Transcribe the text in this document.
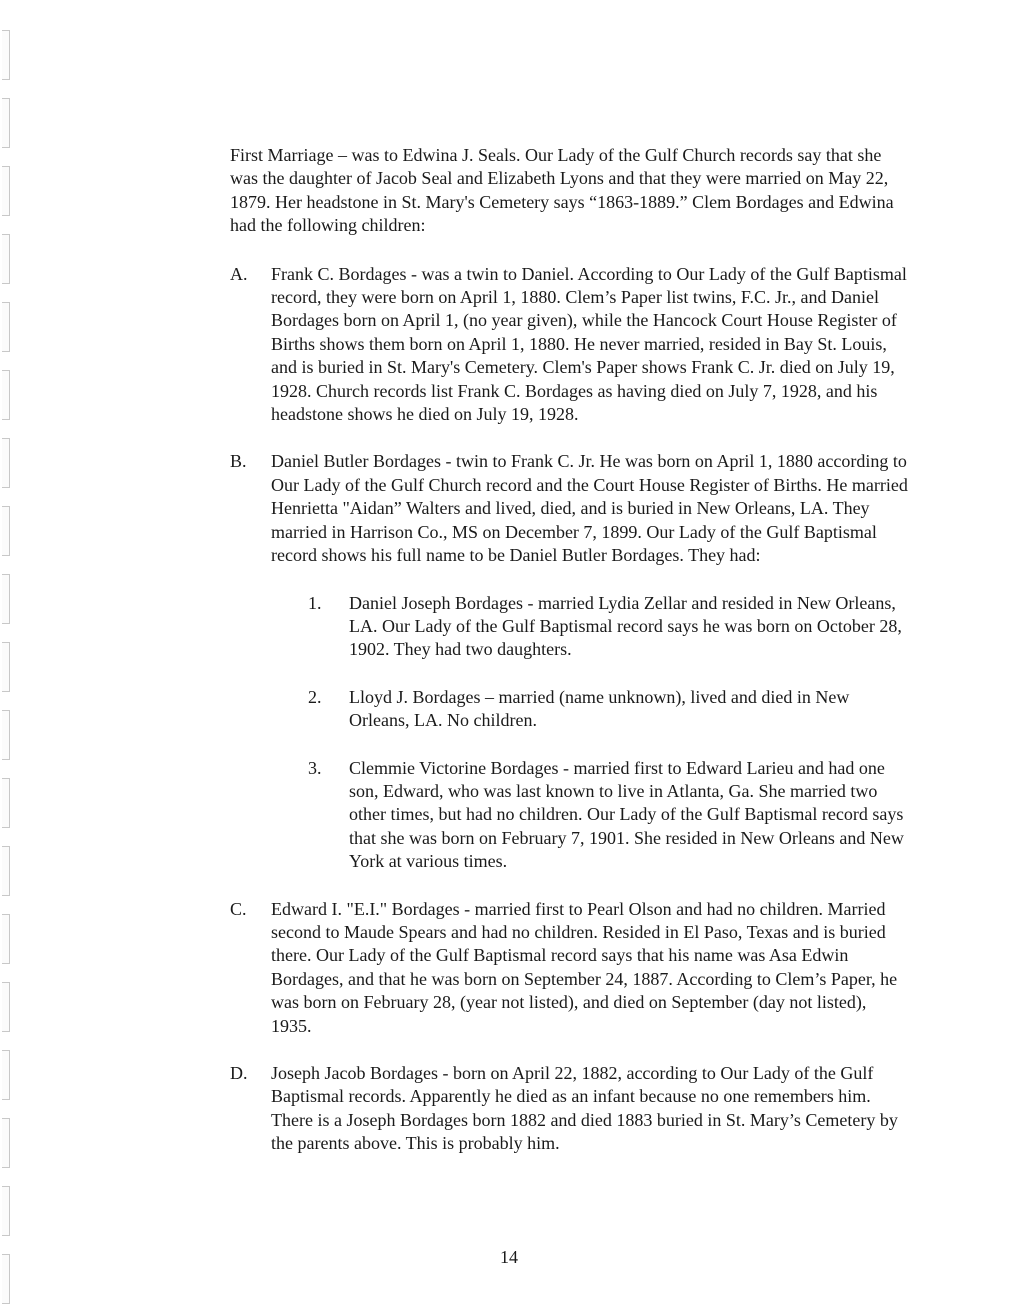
First Marriage – was to Edwina J. Seals. Our Lady of the Gulf Church records say that she was the daughter of Jacob Seal and Elizabeth Lyons and that they were married on May 22, 1879. Her headstone in St. Mary's Cemetery says “1863-1889.” Clem Bordages and Edwina had the following children:

A. Frank C. Bordages - was a twin to Daniel. According to Our Lady of the Gulf Baptismal record, they were born on April 1, 1880. Clem’s Paper list twins, F.C. Jr., and Daniel Bordages born on April 1, (no year given), while the Hancock Court House Register of Births shows them born on April 1, 1880. He never married, resided in Bay St. Louis, and is buried in St. Mary's Cemetery. Clem's Paper shows Frank C. Jr. died on July 19, 1928. Church records list Frank C. Bordages as having died on July 7, 1928, and his headstone shows he died on July 19, 1928.

B. Daniel Butler Bordages - twin to Frank C. Jr. He was born on April 1, 1880 according to Our Lady of the Gulf Church record and the Court House Register of Births. He married Henrietta "Aidan” Walters and lived, died, and is buried in New Orleans, LA. They married in Harrison Co., MS on December 7, 1899. Our Lady of the Gulf Baptismal record shows his full name to be Daniel Butler Bordages. They had:

1. Daniel Joseph Bordages - married Lydia Zellar and resided in New Orleans, LA. Our Lady of the Gulf Baptismal record says he was born on October 28, 1902. They had two daughters.

2. Lloyd J. Bordages – married (name unknown), lived and died in New Orleans, LA. No children.

3. Clemmie Victorine Bordages - married first to Edward Larieu and had one son, Edward, who was last known to live in Atlanta, Ga. She married two other times, but had no children. Our Lady of the Gulf Baptismal record says that she was born on February 7, 1901. She resided in New Orleans and New York at various times.

C. Edward I. "E.I." Bordages - married first to Pearl Olson and had no children. Married second to Maude Spears and had no children. Resided in El Paso, Texas and is buried there. Our Lady of the Gulf Baptismal record says that his name was Asa Edwin Bordages, and that he was born on September 24, 1887. According to Clem’s Paper, he was born on February 28, (year not listed), and died on September (day not listed), 1935.

D. Joseph Jacob Bordages - born on April 22, 1882, according to Our Lady of the Gulf Baptismal records. Apparently he died as an infant because no one remembers him. There is a Joseph Bordages born 1882 and died 1883 buried in St. Mary’s Cemetery by the parents above. This is probably him.

14
